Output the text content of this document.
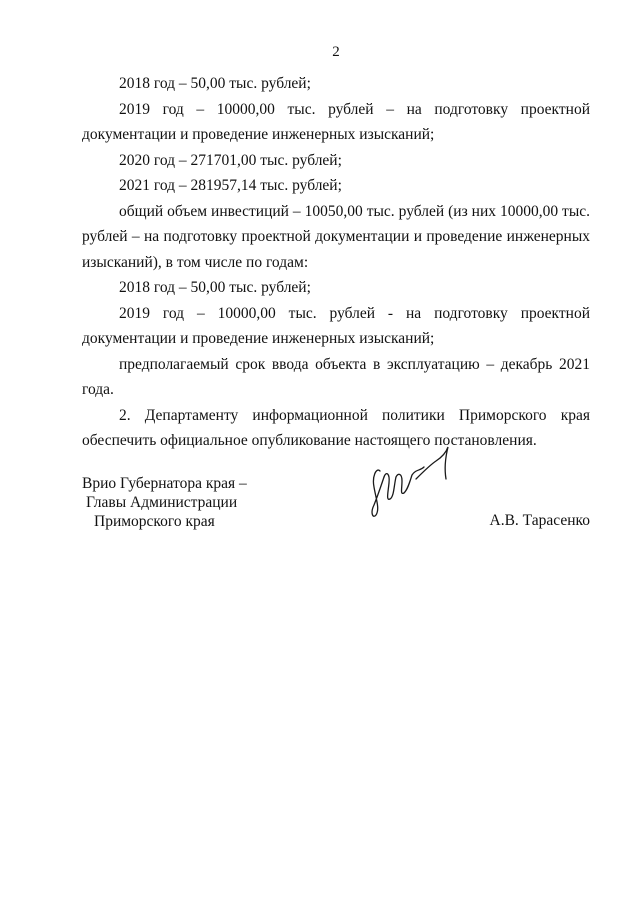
2

2018 год – 50,00 тыс. рублей;

2019 год – 10000,00 тыс. рублей – на подготовку проектной документации и проведение инженерных изысканий;

2020 год – 271701,00 тыс. рублей;

2021 год – 281957,14 тыс. рублей;

общий объем инвестиций – 10050,00 тыс. рублей (из них 10000,00 тыс. рублей – на подготовку проектной документации и проведение инженерных изысканий), в том числе по годам:

2018 год – 50,00 тыс. рублей;

2019 год – 10000,00 тыс. рублей - на подготовку проектной документации и проведение инженерных изысканий;

предполагаемый срок ввода объекта в эксплуатацию – декабрь 2021 года.

2. Департаменту информационной политики Приморского края обеспечить официальное опубликование настоящего постановления.

Врио Губернатора края –
Главы Администрации
Приморского края	А.В. Тарасенко
